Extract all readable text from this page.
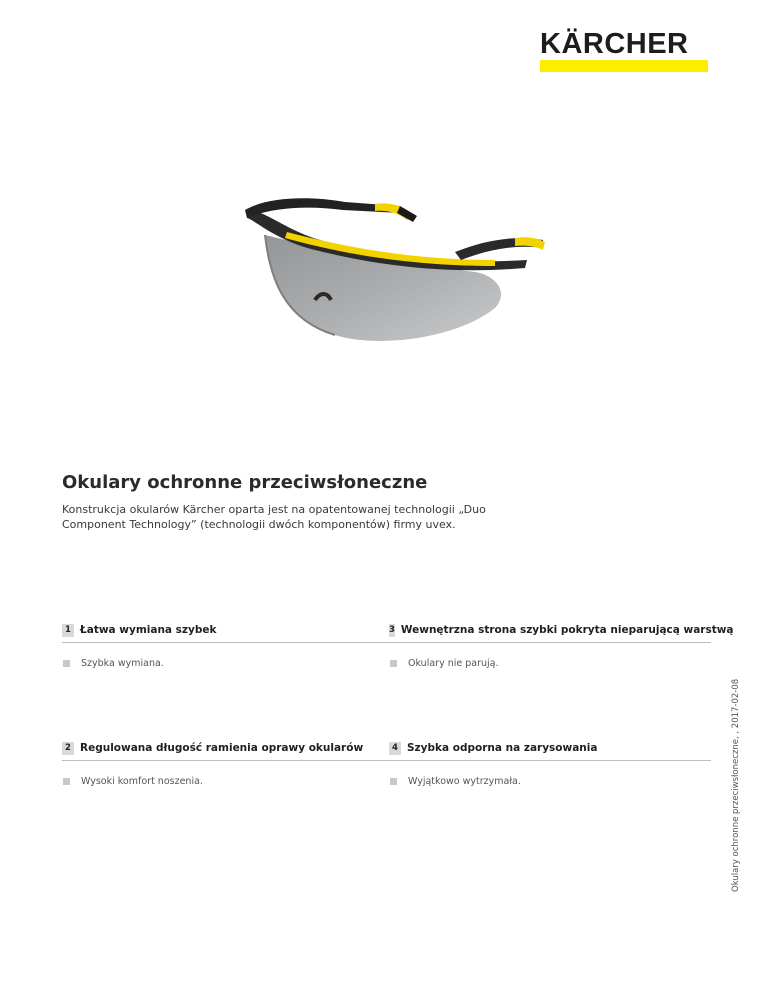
KÄRCHER
Okulary ochronne przeciwsłoneczne

Konstrukcja okularów Kärcher oparta jest na opatentowanej technologii „Duo Component Technology” (technologii dwóch komponentów) firmy uvex.

1 Łatwa wymiana szybek
Szybka wymiana.
3 Wewnętrzna strona szybki pokryta nieparującą warstwą
Okulary nie parują.
2 Regulowana długość ramienia oprawy okularów
Wysoki komfort noszenia.
4 Szybka odporna na zarysowania
Wyjątkowo wytrzymała.	Okulary ochronne przeciwsłoneczne, , 2017-02-08
